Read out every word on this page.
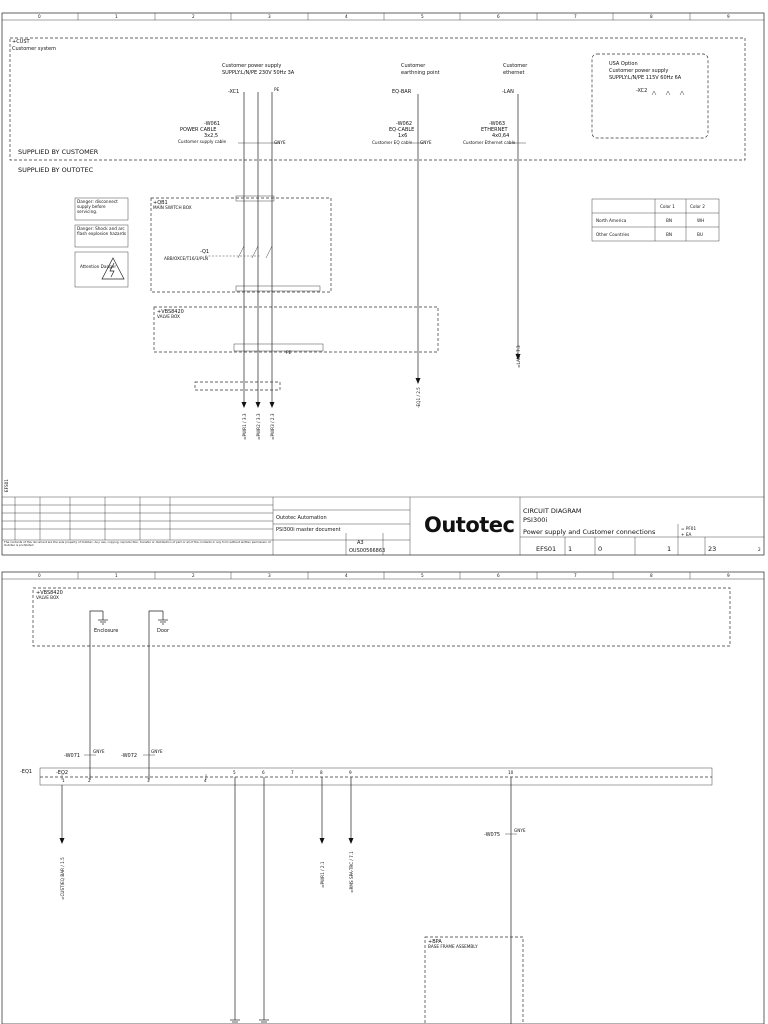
0	1	2	3	4	5	6	7	8	9
+CUST
Customer system
Customer power supply
SUPPLY:L/N/PE 230V 50Hz 3A
Customer
earthning point
Customer
ethernet
USA Option
Customer power supply
SUPPLY:L/N/PE 115V 60Hz 6A
-XC2
-XC1	PE	EQ-BAR	-LAN
-W061
POWER CABLE
3x2,5
Customer supply cable	GNYE
-W062
EQ-CABLE
1x6
Customer EQ cable GNYE
-W063
ETHERNET
4x0,64
Customer Ethernet cable
SUPPLIED BY CUSTOMER
SUPPLIED BY OUTOTEC
Danger: disconnect supply before servicing.
Danger: Shock and arc flash explosion hazards
Attention Danger
+QB1
MAIN SWITCH BOX
-Q1
ABB/OXCE/T16/3/PLN
+VBS8420
VALVE BOX
PE
=PWR1 / 3.3 =PWR2 / 3.3 =PWR3 / 2.3
-EQ1 / 2.5
=LAN / 7.3
Color 1	Color 2
North America	BN	WH
Other Countries	BN	BU
Outotec Automation
PSI300i master document
A3
OUS00566863
Outotec
CIRCUIT DIAGRAM
PSI300i
Power supply and Customer connections	= PF01
+ EA
EFS01 1	0	1	23	2
The contents of this document are the sole property of Outotec. Any use, copying, reproduction, transfer or distribution of part or all of the contents in any form without written permission of Outotec is prohibited.
0	1	2	3	4	5	6	7	8	9
+VBS8420
VALVE BOX
Enclosure	Door
-W071
GNYE
-W072
GNYE
-EQ1	-EQ2
1	2	3	4
5	6	7	8	9	10
=CUST/EQ BAR / 1.5	=PWR1 / 2.1	=RMS SPA-TRC / 7.1
-W075
GNYE
+BPA
BASE FRAME ASSEMBLY
EFS01
